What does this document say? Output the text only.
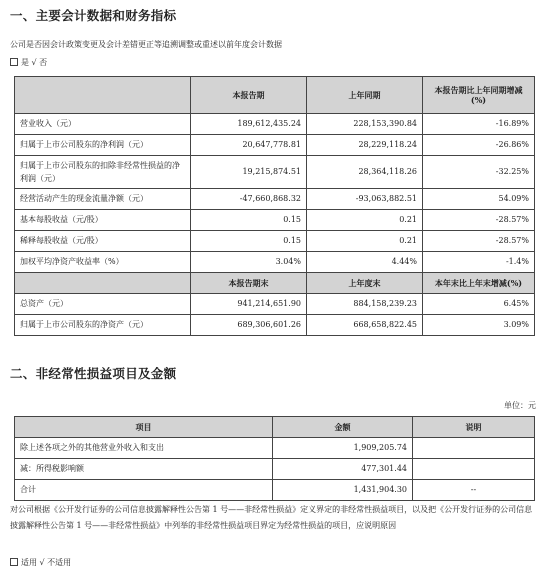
一、主要会计数据和财务指标
公司是否因会计政策变更及会计差错更正等追溯调整或重述以前年度会计数据
是 √ 否
	本报告期	上年同期	本报告期比上年同期增减(%)
营业收入（元）	189,612,435.24	228,153,390.84	-16.89%
归属于上市公司股东的净利润（元）	20,647,778.81	28,229,118.24	-26.86%
归属于上市公司股东的扣除非经常性损益的净利润（元）	19,215,874.51	28,364,118.26	-32.25%
经营活动产生的现金流量净额（元）	-47,660,868.32	-93,063,882.51	54.09%
基本每股收益（元/股）	0.15	0.21	-28.57%
稀释每股收益（元/股）	0.15	0.21	-28.57%
加权平均净资产收益率（%）	3.04%	4.44%	-1.4%
	本报告期末	上年度末	本年末比上年末增减(%)
总资产（元）	941,214,651.90	884,158,239.23	6.45%
归属于上市公司股东的净资产（元）	689,306,601.26	668,658,822.45	3.09%
二、非经常性损益项目及金额
单位：元
项目	金额	说明
除上述各项之外的其他营业外收入和支出	1,909,205.74	
减：所得税影响额	477,301.44	
合计	1,431,904.30	--
对公司根据《公开发行证券的公司信息披露解释性公告第 1 号——非经常性损益》定义界定的非经常性损益项目，以及把《公开发行证券的公司信息披露解释性公告第 1 号——非经常性损益》中列举的非经常性损益项目界定为经常性损益的项目，应说明原因
适用 √ 不适用
